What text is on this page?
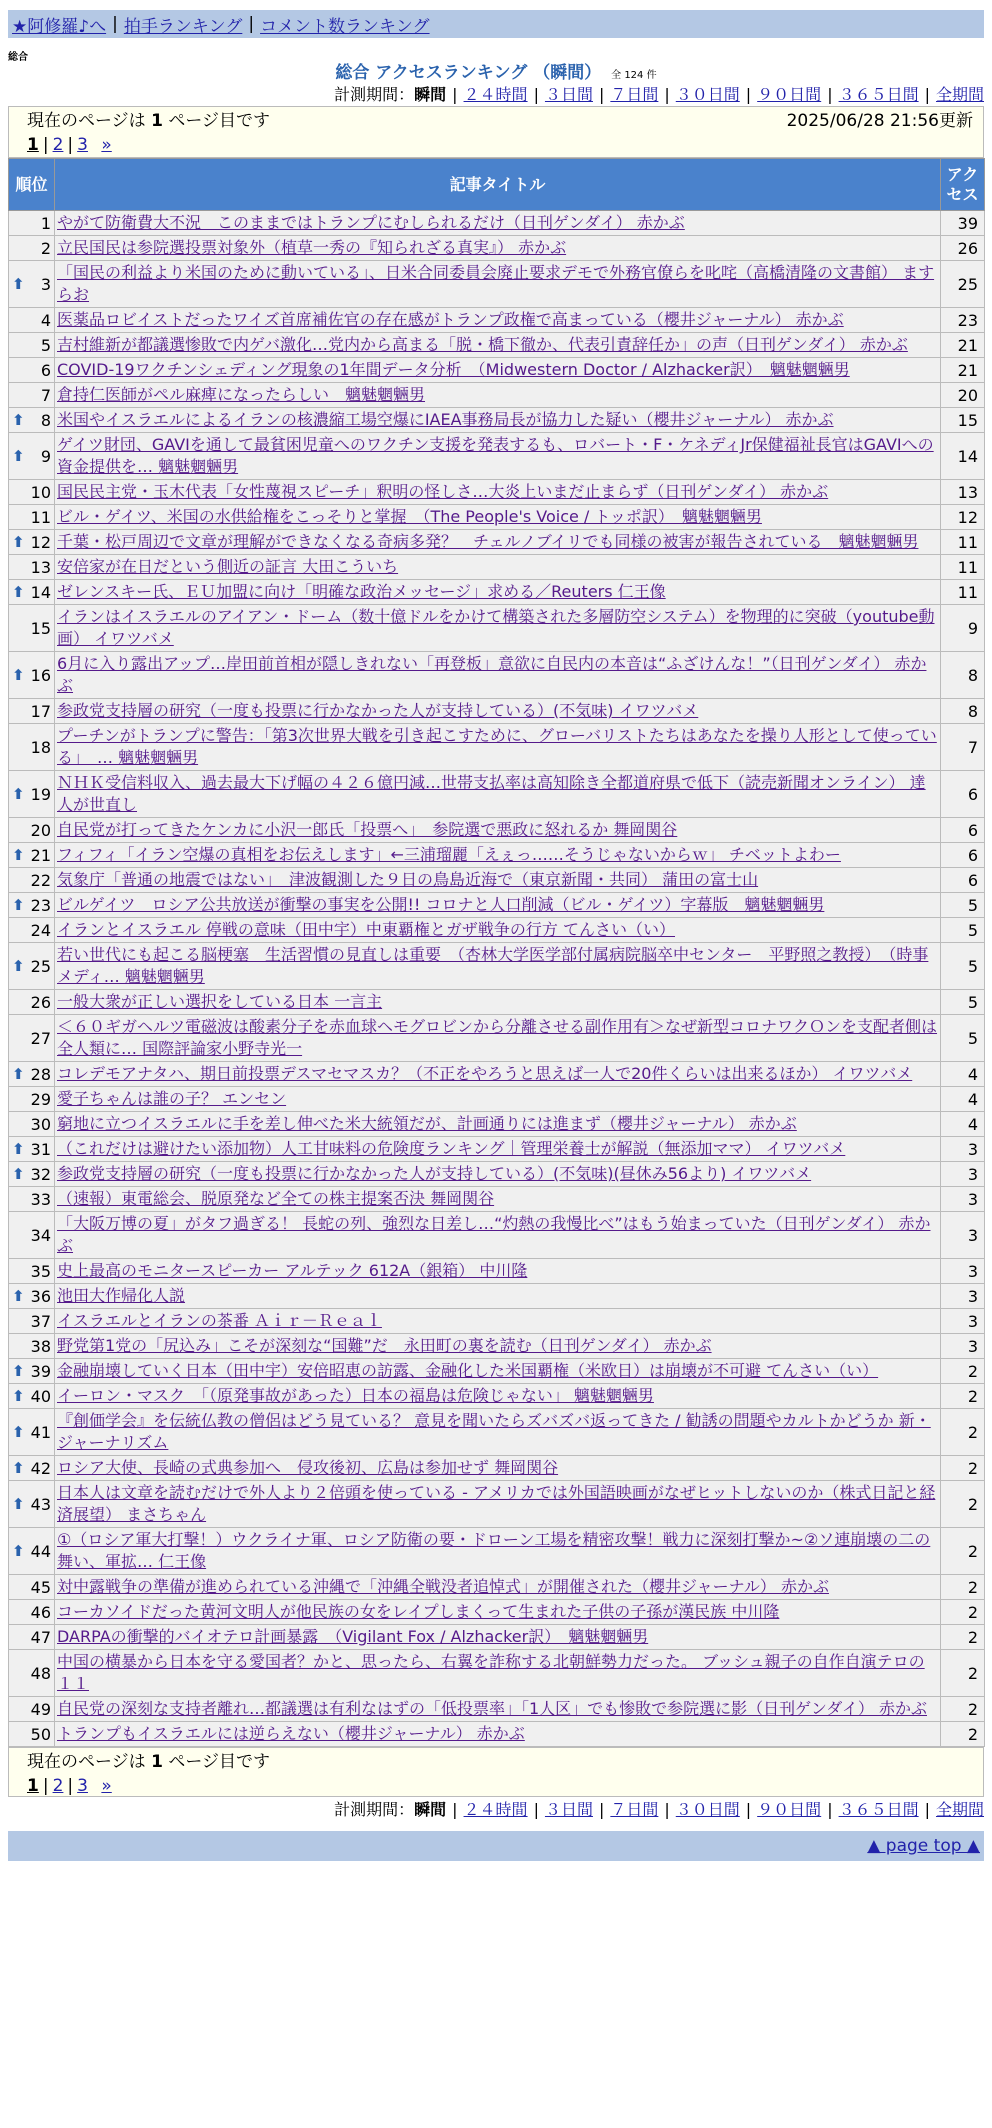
★阿修羅♪へ | 拍手ランキング | コメント数ランキング
総合
総合 アクセスランキング （瞬間） 全 124 件
計測期間：瞬間 | ２４時間 | ３日間 | ７日間 | ３０日間 | ９０日間 | ３６５日間 | 全期間
現在のページは 1 ページ目です	2025/06/28 21:56更新
1 | 2 | 3 »
順位	記事タイトル	アクセス
1	やがて防衛費大不況　このままではトランプにむしられるだけ（日刊ゲンダイ） 赤かぶ	39
2	立民国民は参院選投票対象外（植草一秀の『知られざる真実』） 赤かぶ	26

⬆ 3	「国民の利益より米国のために動いている」、日米合同委員会廃止要求デモで外務官僚らを叱咤（高橋清隆の文書館） ますらお	25
4	医薬品ロビイストだったワイズ首席補佐官の存在感がトランプ政権で高まっている（櫻井ジャーナル） 赤かぶ	23
5	吉村維新が都議選惨敗で内ゲバ激化…党内から高まる「脱・橋下徹か、代表引責辞任か」の声（日刊ゲンダイ） 赤かぶ	21
6	COVID-19ワクチンシェディング現象の1年間データ分析　（Midwestern Doctor / Alzhacker訳）　魑魅魍魎男	21
7	倉持仁医師がペル麻痺になったらしい　魑魅魍魎男	20

⬆ 8	米国やイスラエルによるイランの核濃縮工場空爆にIAEA事務局長が協力した疑い（櫻井ジャーナル） 赤かぶ	15

⬆ 9	ゲイツ財団、GAVIを通して最貧困児童へのワクチン支援を発表するも、ロバート・F・ケネディJr保健福祉長官はGAVIへの資金提供を… 魑魅魍魎男	14
10	国民民主党・玉木代表「女性蔑視スピーチ」釈明の怪しさ…大炎上いまだ止まらず（日刊ゲンダイ） 赤かぶ	13
11	ビル・ゲイツ、米国の水供給権をこっそりと掌握　（The People's Voice / トッポ訳）　魑魅魍魎男	12

⬆ 12	千葉・松戸周辺で文章が理解ができなくなる奇病多発？　チェルノブイリでも同様の被害が報告されている　魑魅魍魎男	11
13	安倍家が在日だという側近の証言 大田こういち	11

⬆ 14	ゼレンスキー氏、ＥＵ加盟に向け「明確な政治メッセージ」求める／Reuters 仁王像	11
15	イランはイスラエルのアイアン・ドーム（数十億ドルをかけて構築された多層防空システム）を物理的に突破（youtube動画） イワツバメ	9

⬆ 16	6月に入り露出アップ…岸田前首相が隠しきれない「再登板」意欲に自民内の本音は“ふざけんな！”（日刊ゲンダイ） 赤かぶ	8
17	参政党支持層の研究（一度も投票に行かなかった人が支持している）(不気味) イワツバメ	8
18	プーチンがトランプに警告：「第3次世界大戦を引き起こすために、グローバリストたちはあなたを操り人形として使っている」　… 魑魅魍魎男	7

⬆ 19	ＮＨＫ受信料収入、過去最大下げ幅の４２６億円減…世帯支払率は高知除き全都道府県で低下（読売新聞オンライン） 達人が世直し	6
20	自民党が打ってきたケンカに小沢一郎氏「投票へ」　参院選で悪政に怒れるか 舞岡関谷	6

⬆ 21	フィフィ「イラン空爆の真相をお伝えします」←三浦瑠麗「えぇっ……そうじゃないからｗ」 チベットよわー	6
22	気象庁「普通の地震ではない」　津波観測した９日の鳥島近海で（東京新聞・共同） 蒲田の富士山	6

⬆ 23	ビルゲイツ　ロシア公共放送が衝撃の事実を公開!! コロナと人口削減（ビル・ゲイツ）字幕版　魑魅魍魎男	5
24	イランとイスラエル 停戦の意味（田中宇）中東覇権とガザ戦争の行方 てんさい（い）	5

⬆ 25	若い世代にも起こる脳梗塞　生活習慣の見直しは重要　（杏林大学医学部付属病院脳卒中センター　平野照之教授）　（時事メディ… 魑魅魍魎男	5
26	一般大衆が正しい選択をしている日本 一言主	5
27	＜６０ギガヘルツ電磁波は酸素分子を赤血球ヘモグロビンから分離させる副作用有＞なぜ新型コロナワクＯンを支配者側は全人類に… 国際評論家小野寺光一	5

⬆ 28	コレデモアナタハ、期日前投票デスマセマスカ？（不正をやろうと思えば一人で20件くらいは出来るほか） イワツバメ	4
29	愛子ちゃんは誰の子？ エンセン	4
30	窮地に立つイスラエルに手を差し伸べた米大統領だが、計画通りには進まず（櫻井ジャーナル） 赤かぶ	4

⬆ 31	（これだけは避けたい添加物）人工甘味料の危険度ランキング｜管理栄養士が解説（無添加ママ） イワツバメ	3

⬆ 32	参政党支持層の研究（一度も投票に行かなかった人が支持している）(不気味)(昼休み56より) イワツバメ	3
33	（速報）東電総会、脱原発など全ての株主提案否決 舞岡関谷	3
34	「大阪万博の夏」がタフ過ぎる！ 長蛇の列、強烈な日差し…“灼熱の我慢比べ”はもう始まっていた（日刊ゲンダイ） 赤かぶ	3
35	史上最高のモニタースピーカー アルテック 612A（銀箱） 中川隆	3

⬆ 36	池田大作帰化人説	3
37	イスラエルとイランの茶番 Ａｉｒ－Ｒｅａｌ	3
38	野党第1党の「尻込み」こそが深刻な“国難”だ　永田町の裏を読む（日刊ゲンダイ） 赤かぶ	3

⬆ 39	金融崩壊していく日本（田中宇）安倍昭恵の訪露、金融化した米国覇権（米欧日）は崩壊が不可避 てんさい（い）	2

⬆ 40	イーロン・マスク　「（原発事故があった）日本の福島は危険じゃない」 魑魅魍魎男	2

⬆ 41	『創価学会』を伝統仏教の僧侶はどう見ている？ 意見を聞いたらズバズバ返ってきた / 勧誘の問題やカルトかどうか 新・ジャーナリズム	2

⬆ 42	ロシア大使、長崎の式典参加へ　侵攻後初、広島は参加せず 舞岡関谷	2

⬆ 43	日本人は文章を読むだけで外人より２倍頭を使っている - アメリカでは外国語映画がなぜヒットしないのか（株式日記と経済展望） まさちゃん	2

⬆ 44	①（ロシア軍大打撃！）ウクライナ軍、ロシア防衛の要・ドローン工場を精密攻撃！戦力に深刻打撃か~②ソ連崩壊の二の舞い、軍拡… 仁王像	2
45	対中露戦争の準備が進められている沖縄で「沖縄全戦没者追悼式」が開催された（櫻井ジャーナル） 赤かぶ	2
46	コーカソイドだった黄河文明人が他民族の女をレイプしまくって生まれた子供の子孫が漢民族 中川隆	2
47	DARPAの衝撃的バイオテロ計画暴露　（Vigilant Fox / Alzhacker訳）　魑魅魍魎男	2
48	中国の横暴から日本を守る愛国者？かと、思ったら、右翼を詐称する北朝鮮勢力だった。 ブッシュ親子の自作自演テロの１１	2
49	自民党の深刻な支持者離れ…都議選は有利なはずの「低投票率」「1人区」でも惨敗で参院選に影（日刊ゲンダイ） 赤かぶ	2
50	トランプもイスラエルには逆らえない（櫻井ジャーナル） 赤かぶ	2
現在のページは 1 ページ目です
1 | 2 | 3 »
計測期間：瞬間 | ２４時間 | ３日間 | ７日間 | ３０日間 | ９０日間 | ３６５日間 | 全期間
▲ page top ▲
